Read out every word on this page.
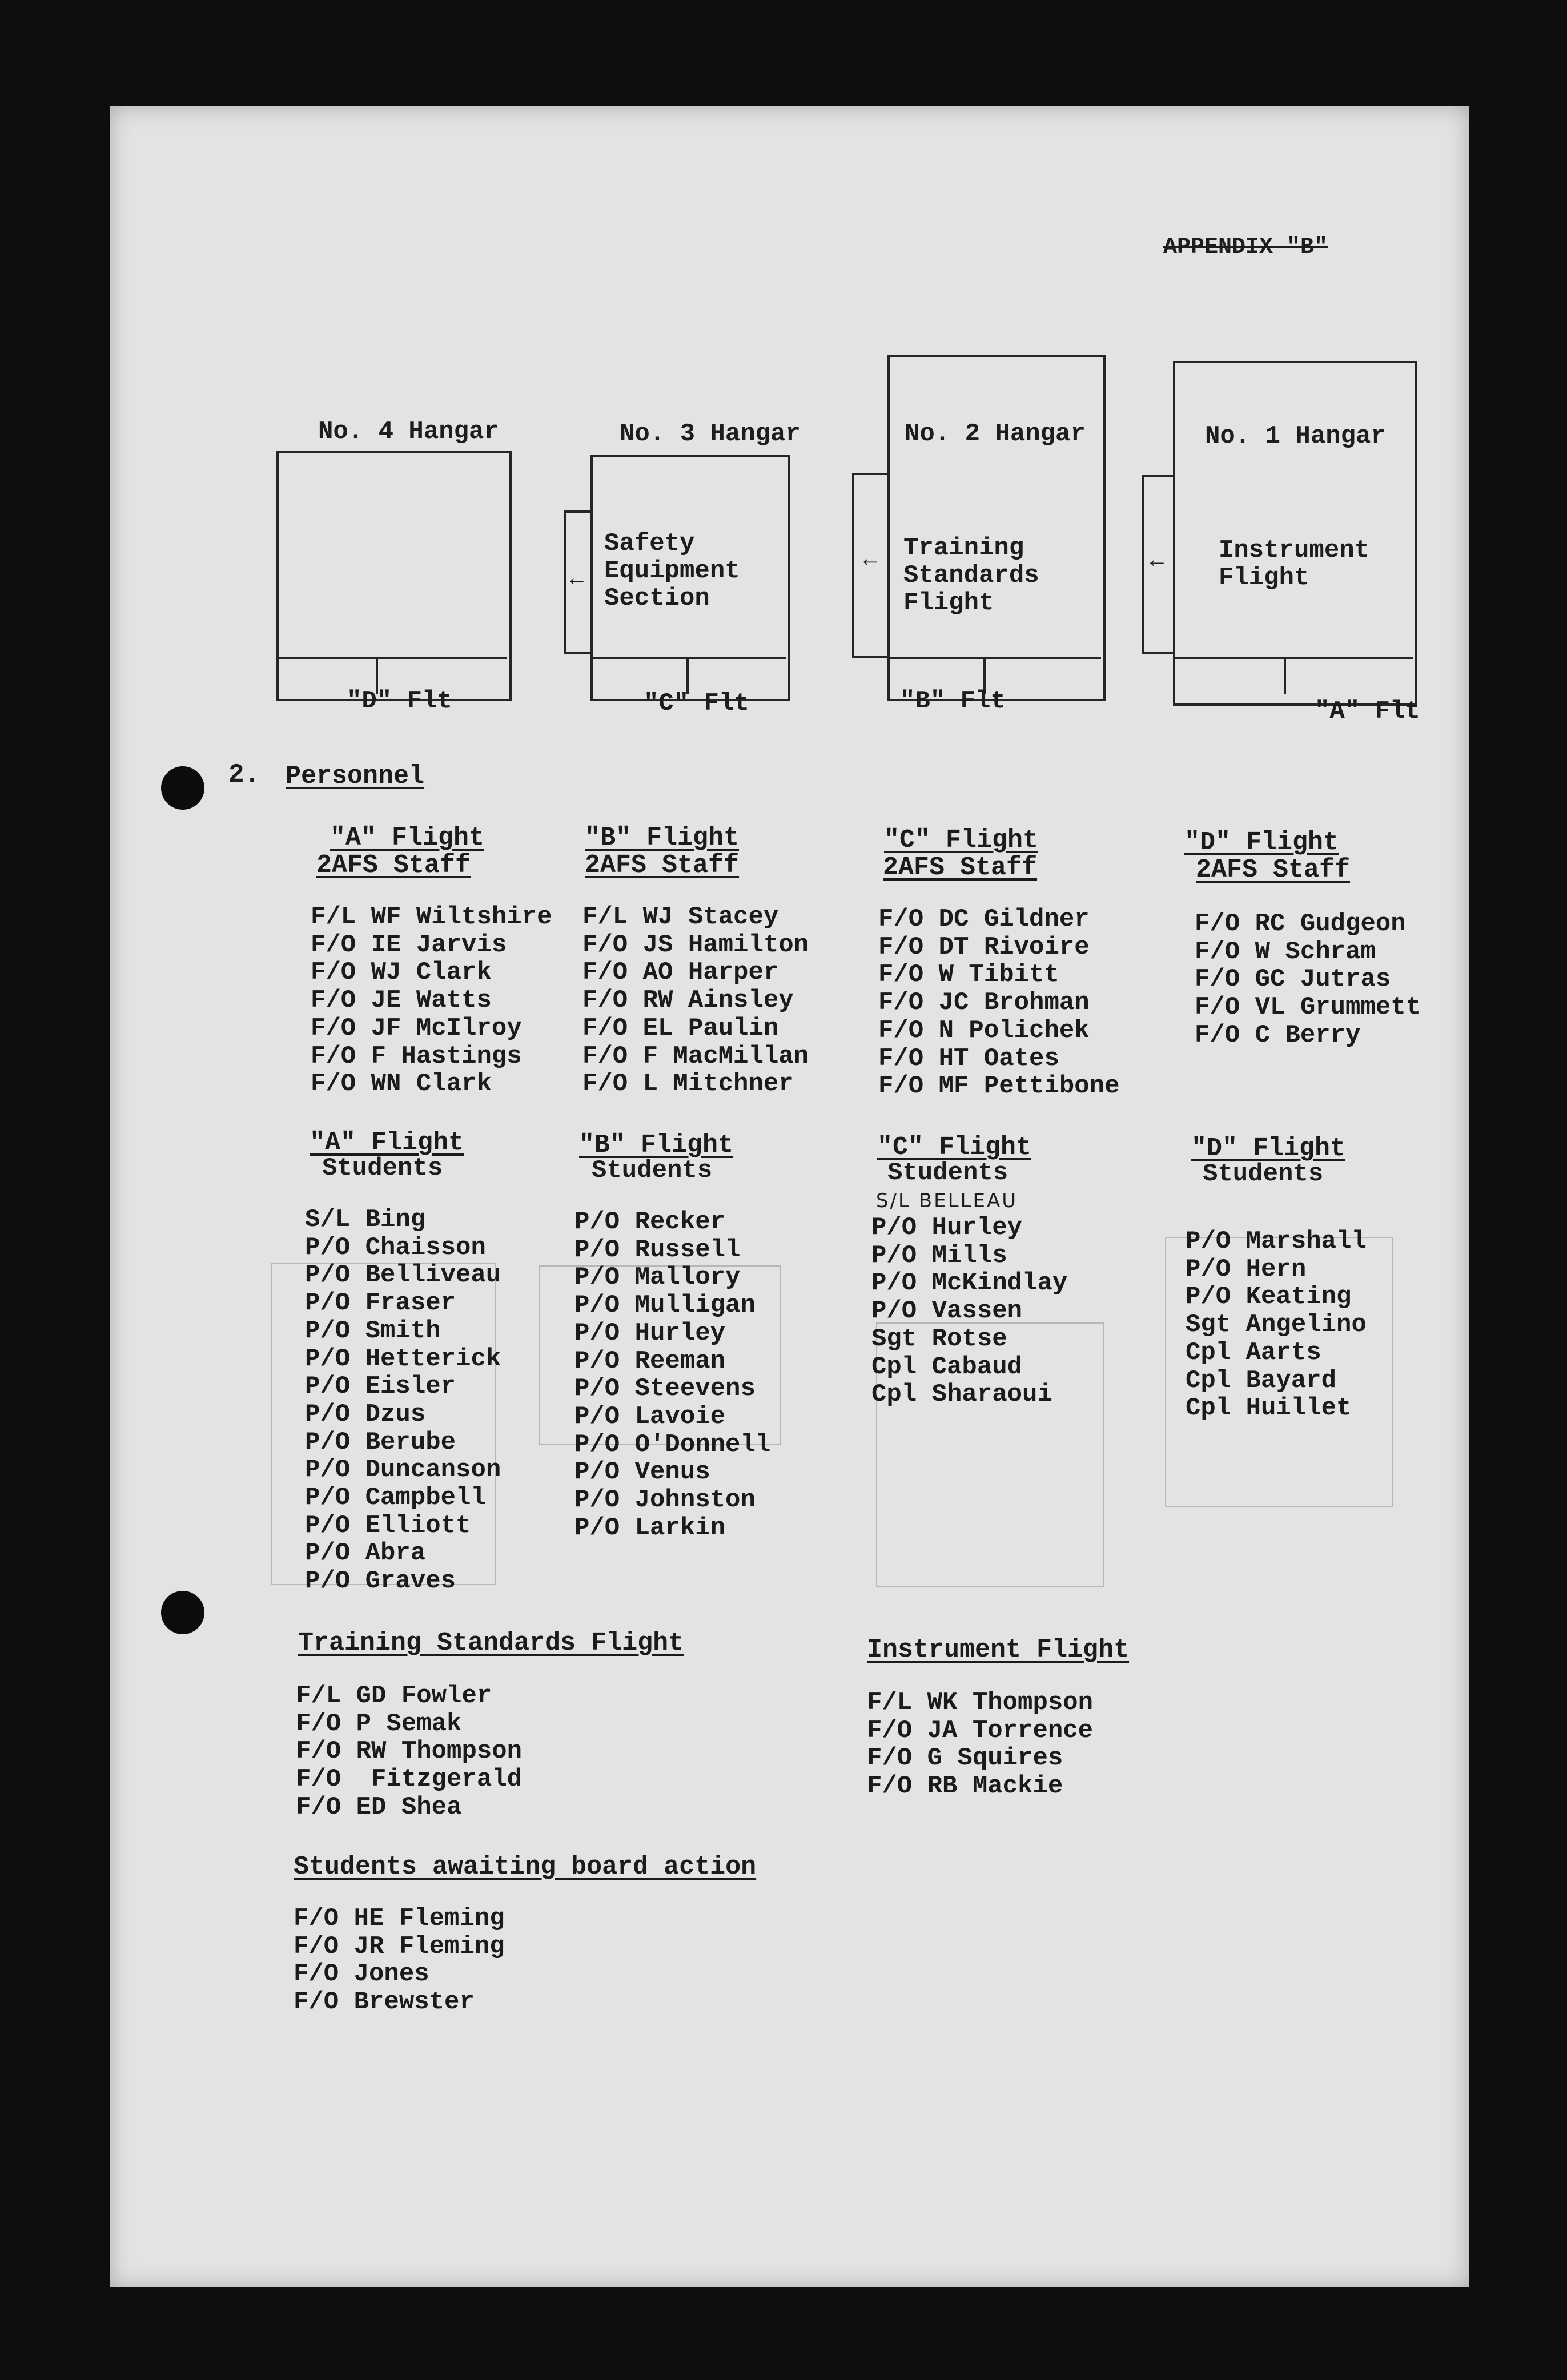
APPENDIX "B"
No. 4 Hangar
"D" Flt
No. 3 Hangar
Safety
Equipment
Section
"C" Flt
←
No. 2 Hangar
Training
Standards
Flight
"B" Flt
←
No. 1 Hangar
Instrument
Flight
"A" Flt
←
2. Personnel
"A" Flight
2AFS Staff
F/L WF Wiltshire
F/O IE Jarvis
F/O WJ Clark
F/O JE Watts
F/O JF McIlroy
F/O F Hastings
F/O WN Clark
"B" Flight
2AFS Staff
F/L WJ Stacey
F/O JS Hamilton
F/O AO Harper
F/O RW Ainsley
F/O EL Paulin
F/O F MacMillan
F/O L Mitchner
"C" Flight
2AFS Staff
F/O DC Gildner
F/O DT Rivoire
F/O W Tibitt
F/O JC Brohman
F/O N Polichek
F/O HT Oates
F/O MF Pettibone
"D" Flight
2AFS Staff
F/O RC Gudgeon
F/O W Schram
F/O GC Jutras
F/O VL Grummett
F/O C Berry
"A" Flight
Students
S/L Bing
P/O Chaisson
P/O Belliveau
P/O Fraser
P/O Smith
P/O Hetterick
P/O Eisler
P/O Dzus
P/O Berube
P/O Duncanson
P/O Campbell
P/O Elliott
P/O Abra
P/O Graves
"B" Flight
Students
P/O Recker
P/O Russell
P/O Mallory
P/O Mulligan
P/O Hurley
P/O Reeman
P/O Steevens
P/O Lavoie
P/O O'Donnell
P/O Venus
P/O Johnston
P/O Larkin
"C" Flight
Students
S/L BELLEAU
P/O Hurley
P/O Mills
P/O McKindlay
P/O Vassen
Sgt Rotse
Cpl Cabaud
Cpl Sharaoui
"D" Flight
Students
P/O Marshall
P/O Hern
P/O Keating
Sgt Angelino
Cpl Aarts
Cpl Bayard
Cpl Huillet
Training Standards Flight
F/L GD Fowler
F/O P Semak
F/O RW Thompson
F/O  Fitzgerald
F/O ED Shea
Instrument Flight
F/L WK Thompson
F/O JA Torrence
F/O G Squires
F/O RB Mackie
Students awaiting board action
F/O HE Fleming
F/O JR Fleming
F/O Jones
F/O Brewster
